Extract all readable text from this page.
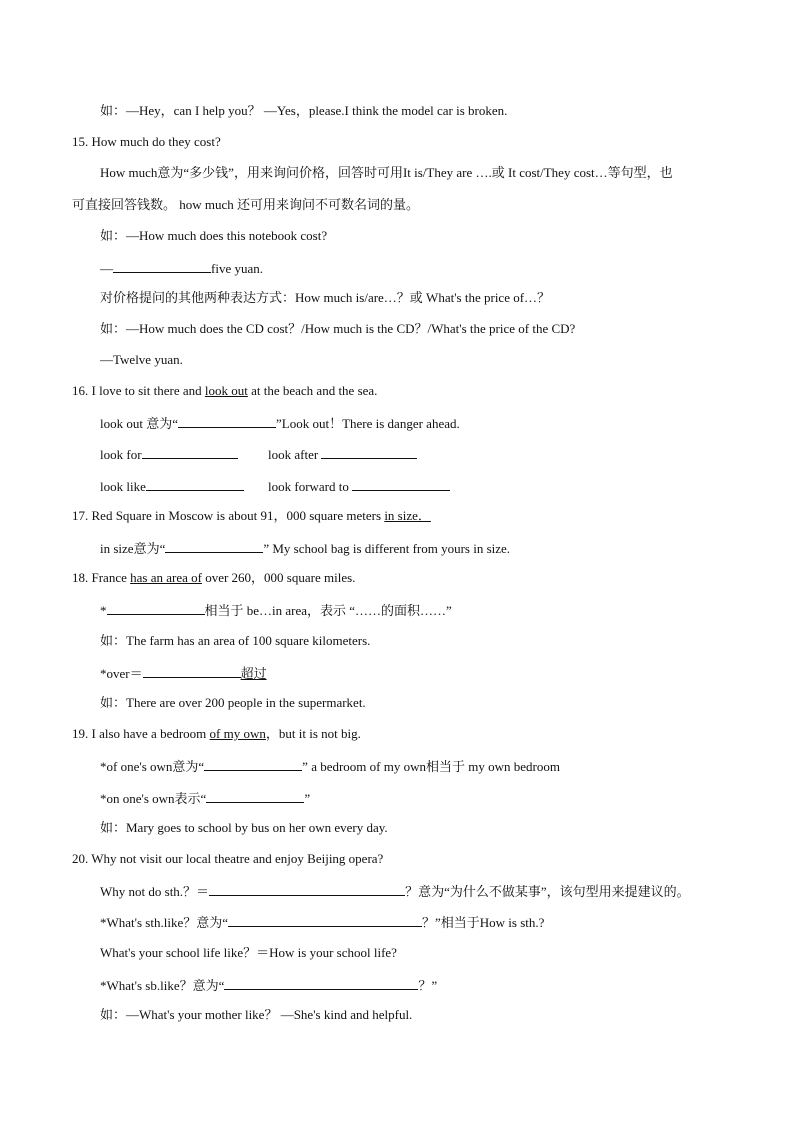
如：—Hey，can I help you？ —Yes，please.I think the model car is broken.
15. How much do they cost?
How much意为“多少钱”，用来询问价格，回答时可用It is/They are ….或 It cost/They cost…等句型，也
可直接回答钱数。 how much 还可用来询问不可数名词的量。
如：—How much does this notebook cost?
—	five yuan.
对价格提问的其他两种表达方式：How much is/are…？或 What's the price of…？
如：—How much does the CD cost？/How much is the CD？/What's the price of the CD?
—Twelve yuan.
16. I love to sit there and look out at the beach and the sea.
look out 意为“	”Look out！There is danger ahead.
look for	look after
look like	look forward to
17. Red Square in Moscow is about 91，000 square meters in size．
in size意为“	” My school bag is different from yours in size.
18. France has an area of over 260，000 square miles.
*	相当于 be…in area，表示 “……的面积……”
如：The farm has an area of 100 square kilometers.
*over＝	超过
如：There are over 200 people in the supermarket.
19. I also have a bedroom of my own，but it is not big.
*of one's own意为“	” a bedroom of my own相当于 my own bedroom
*on one's own表示“	”
如：Mary goes to school by bus on her own every day.
20. Why not visit our local theatre and enjoy Beijing opera?
Why not do sth.？＝	？意为“为什么不做某事”，该句型用来提建议的。
*What's sth.like？意为“	？”相当于How is sth.?
What's your school life like？＝How is your school life?
*What's sb.like？意为“	？”
如：—What's your mother like？ —She's kind and helpful.
